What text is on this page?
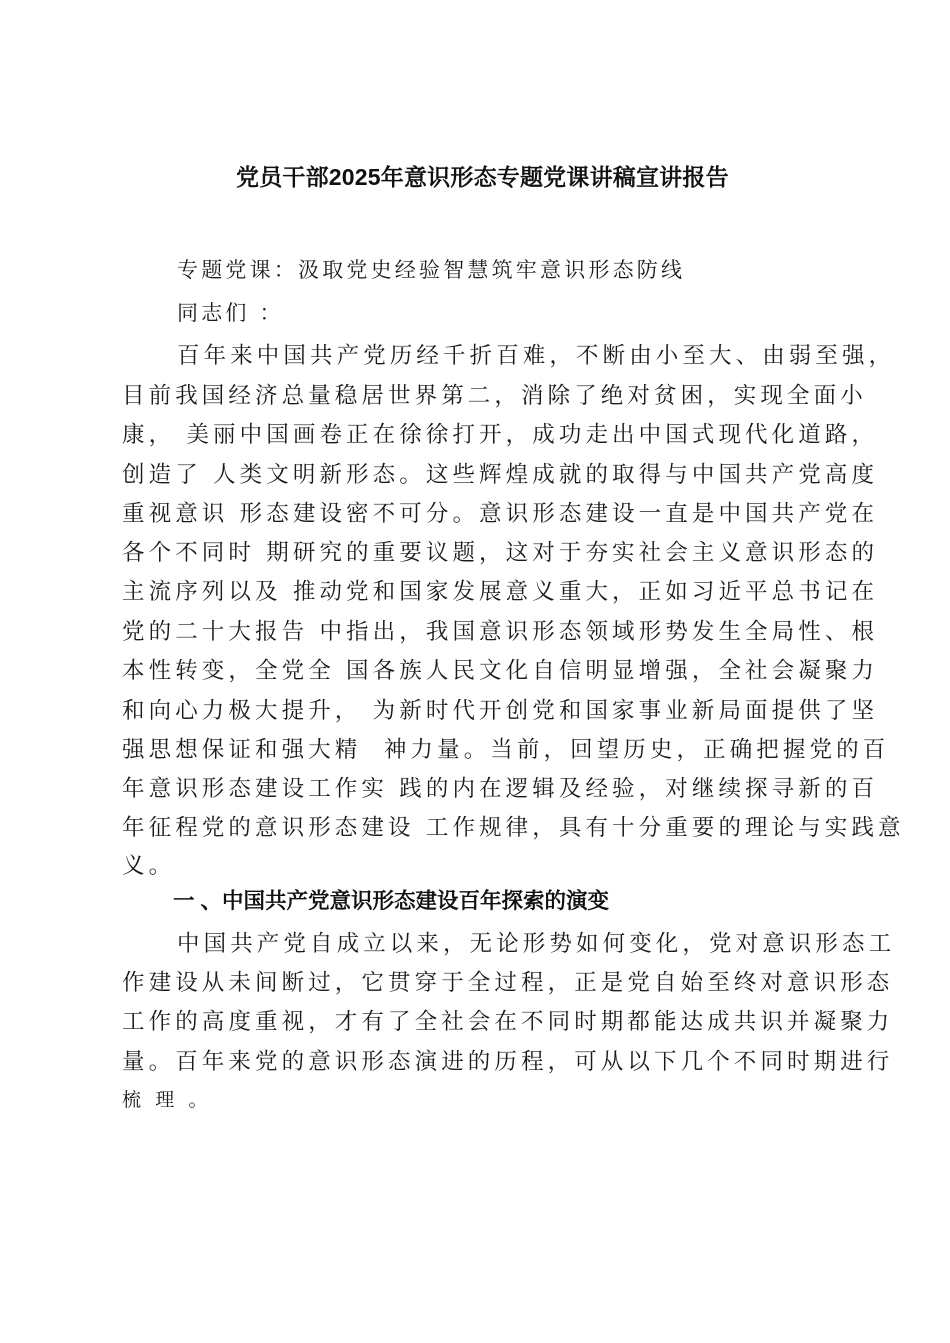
党员干部2025年意识形态专题党课讲稿宣讲报告
专题党课：汲取党史经验智慧筑牢意识形态防线
同志们 ：
百年来中国共产党历经千折百难，不断由小至大、由弱至强，
目前我国经济总量稳居世界第二，消除了绝对贫困，实现全面小
康， 美丽中国画卷正在徐徐打开，成功走出中国式现代化道路，
创造了 人类文明新形态。这些辉煌成就的取得与中国共产党高度
重视意识 形态建设密不可分。意识形态建设一直是中国共产党在
各个不同时 期研究的重要议题，这对于夯实社会主义意识形态的
主流序列以及 推动党和国家发展意义重大，正如习近平总书记在
党的二十大报告 中指出，我国意识形态领域形势发生全局性、根
本性转变，全党全 国各族人民文化自信明显增强，全社会凝聚力
和向心力极大提升， 为新时代开创党和国家事业新局面提供了坚
强思想保证和强大精  神力量。当前，回望历史，正确把握党的百
年意识形态建设工作实 践的内在逻辑及经验，对继续探寻新的百
年征程党的意识形态建设 工作规律，具有十分重要的理论与实践意
义。
一 、中国共产党意识形态建设百年探索的演变
中国共产党自成立以来，无论形势如何变化，党对意识形态工
作建设从未间断过，它贯穿于全过程，正是党自始至终对意识形态
工作的高度重视，才有了全社会在不同时期都能达成共识并凝聚力
量。百年来党的意识形态演进的历程，可从以下几个不同时期进行
梳 理 。
